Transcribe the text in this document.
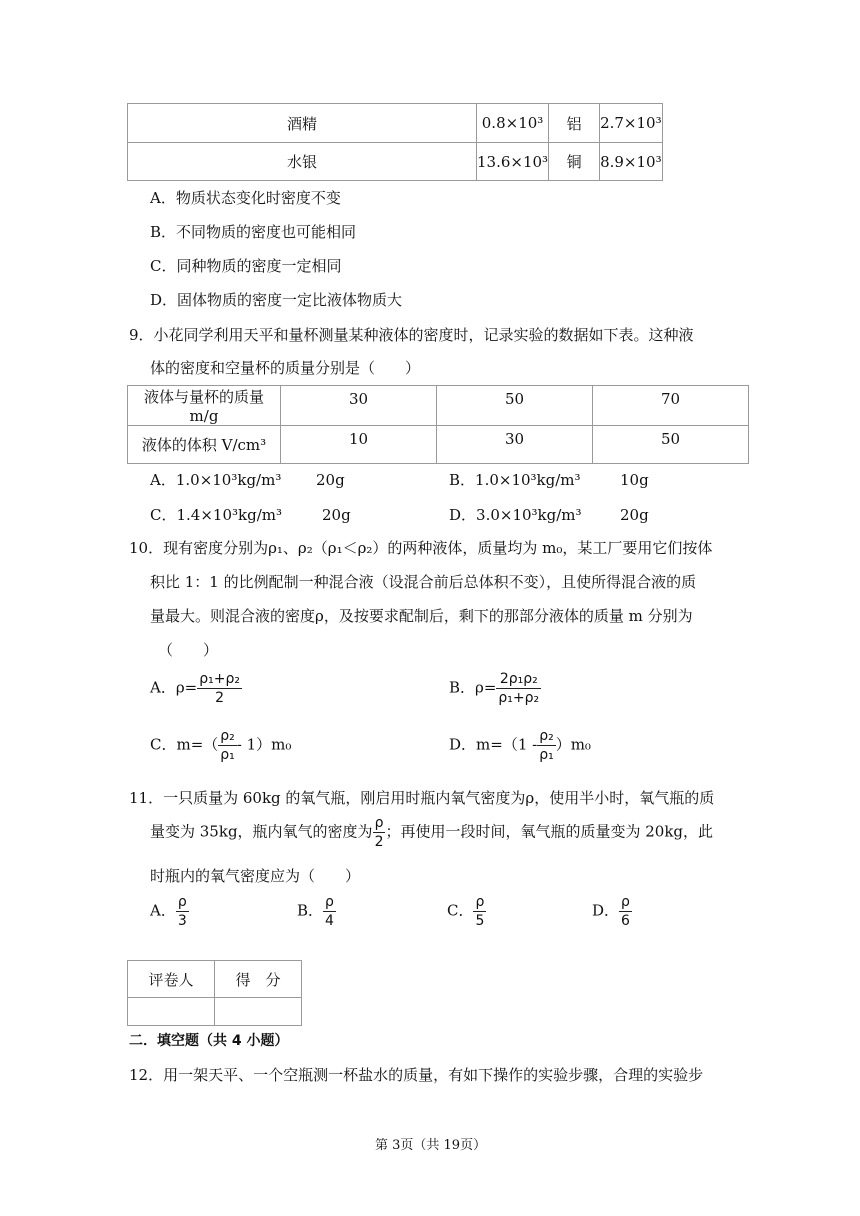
酒精	0.8×10³	铝	2.7×10³
水银	13.6×10³	铜	8.9×10³
A．物质状态变化时密度不变
B．不同物质的密度也可能相同
C．同种物质的密度一定相同
D．固体物质的密度一定比液体物质大
9．小花同学利用天平和量杯测量某种液体的密度时，记录实验的数据如下表。这种液
体的密度和空量杯的质量分别是（　　）
液体与量杯的质量 m/g	30	50	70
液体的体积 V/cm³	10	30	50
A．1.0×10³kg/m³ 20g	B．1.0×10³kg/m³	10g
C．1.4×10³kg/m³	20g	D．3.0×10³kg/m³	20g
10．现有密度分别为ρ₁、ρ₂（ρ₁＜ρ₂）的两种液体，质量均为 m₀，某工厂要用它们按体
积比 1：1 的比例配制一种混合液（设混合前后总体积不变），且使所得混合液的质
量最大。则混合液的密度ρ，及按要求配制后，剩下的那部分液体的质量 m 分别为
（　　）
A．$\rho= \frac{\text{ρ₁+ρ₂}}{2}$	B．$\rho= \frac{\text{2ρ₁ρ₂}}{\text{ρ₁+ρ₂}}$
C．$m=( \frac{\text{ρ₂}}{\text{ρ₁}} - 1)m_0$	D．$m=(1 - \frac{\text{ρ₂}}{\text{ρ₁}} )m_0$
11．一只质量为 60kg 的氧气瓶，刚启用时瓶内氧气密度为ρ，使用半小时，氧气瓶的质
量变为 35kg，瓶内氧气的密度为 $\frac{\rho}{2}$ ；再使用一段时间，氧气瓶的质量变为 20kg，此
时瓶内的氧气密度应为（　　）
A． $\frac{\rho}{3}$	B． $\frac{\rho}{4}$	C． $\frac{\rho}{5}$	D． $\frac{\rho}{6}$
评卷人	得　分

二．填空题（共 4 小题）
12．用一架天平、一个空瓶测一杯盐水的质量，有如下操作的实验步骤，合理的实验步
第 3页（共 19页）
